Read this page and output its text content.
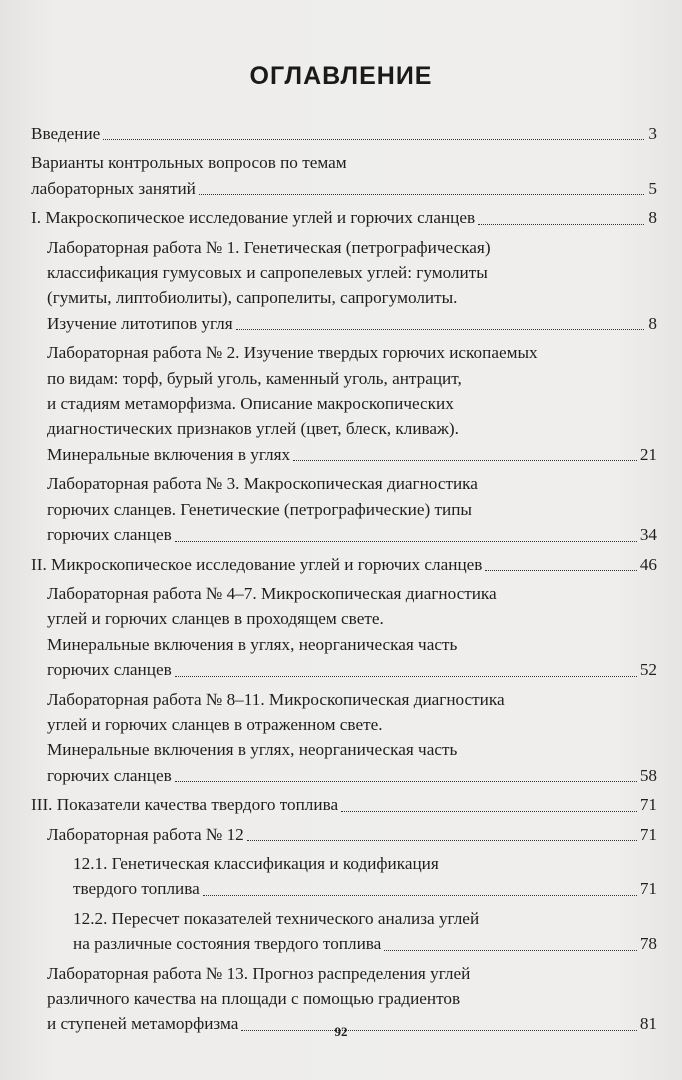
ОГЛАВЛЕНИЕ
Введение	3
Варианты контрольных вопросов по темам
лабораторных занятий	5
I. Макроскопическое исследование углей и горючих сланцев	8
Лабораторная работа № 1. Генетическая (петрографическая)
классификация гумусовых и сапропелевых углей: гумолиты
(гумиты, липтобиолиты), сапропелиты, сапрогумолиты.
Изучение литотипов угля	8
Лабораторная работа № 2. Изучение твердых горючих ископаемых
по видам: торф, бурый уголь, каменный уголь, антрацит,
и стадиям метаморфизма. Описание макроскопических
диагностических признаков углей (цвет, блеск, кливаж).
Минеральные включения в углях	21
Лабораторная работа № 3. Макроскопическая диагностика
горючих сланцев. Генетические (петрографические) типы
горючих сланцев	34
II. Микроскопическое исследование углей и горючих сланцев	46
Лабораторная работа № 4–7. Микроскопическая диагностика
углей и горючих сланцев в проходящем свете.
Минеральные включения в углях, неорганическая часть
горючих сланцев	52
Лабораторная работа № 8–11. Микроскопическая диагностика
углей и горючих сланцев в отраженном свете.
Минеральные включения в углях, неорганическая часть
горючих сланцев	58
III. Показатели качества твердого топлива	71
Лабораторная работа № 12	71
12.1. Генетическая классификация и кодификация
твердого топлива	71
12.2. Пересчет показателей технического анализа углей
на различные состояния твердого топлива	78
Лабораторная работа № 13. Прогноз распределения углей
различного качества на площади с помощью градиентов
и ступеней метаморфизма	81
92
